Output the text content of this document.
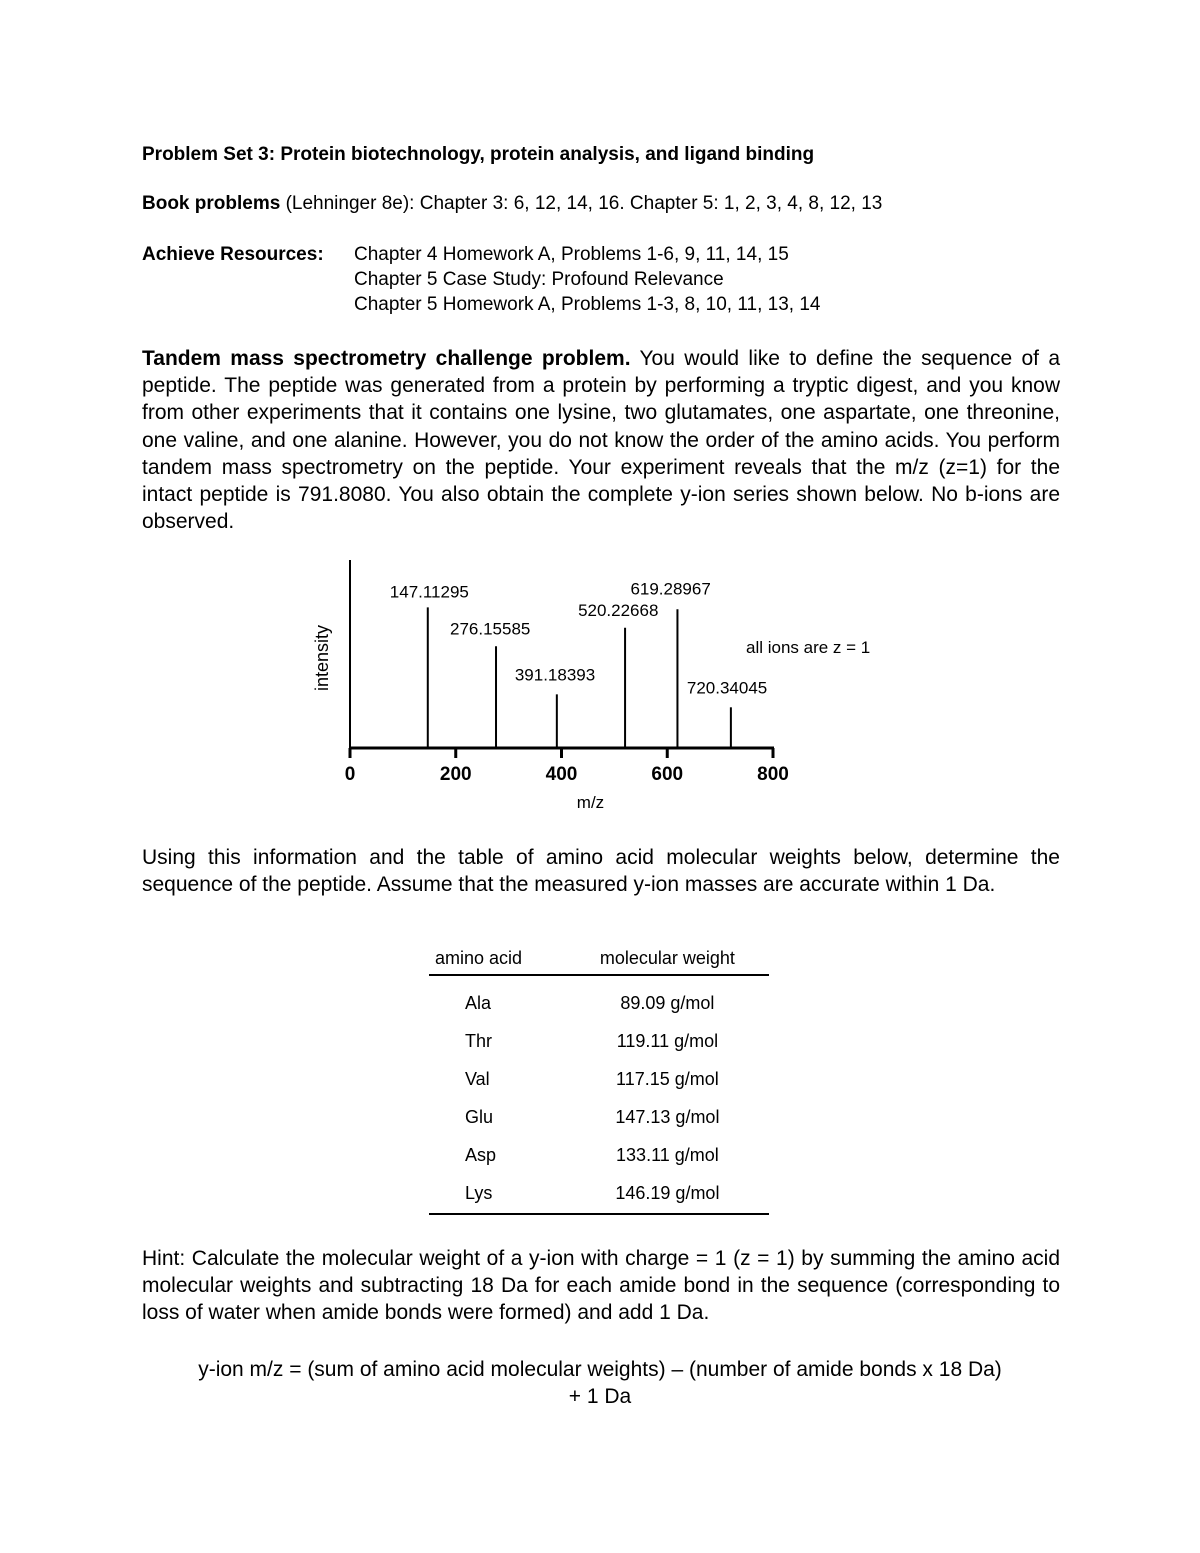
Problem Set 3: Protein biotechnology, protein analysis, and ligand binding
Book problems (Lehninger 8e): Chapter 3: 6, 12, 14, 16. Chapter 5: 1, 2, 3, 4, 8, 12, 13
Achieve Resources: Chapter 4 Homework A, Problems 1-6, 9, 11, 14, 15
Chapter 5 Case Study: Profound Relevance
Chapter 5 Homework A, Problems 1-3, 8, 10, 11, 13, 14
Tandem mass spectrometry challenge problem. You would like to define the sequence of a peptide. The peptide was generated from a protein by performing a tryptic digest, and you know from other experiments that it contains one lysine, two glutamates, one aspartate, one threonine, one valine, and one alanine. However, you do not know the order of the amino acids. You perform tandem mass spectrometry on the peptide. Your experiment reveals that the m/z (z=1) for the intact peptide is 791.8080. You also obtain the complete y-ion series shown below. No b-ions are observed.
0	200	400	600	800
m/z
intensity
147.11295
276.15585
391.18393
520.22668
619.28967
720.34045
all ions are z = 1
Using this information and the table of amino acid molecular weights below, determine the sequence of the peptide. Assume that the measured y-ion masses are accurate within 1 Da.
amino acid	molecular weight
Ala	89.09 g/mol
Thr	119.11 g/mol
Val	117.15 g/mol
Glu	147.13 g/mol
Asp	133.11 g/mol
Lys	146.19 g/mol
Hint: Calculate the molecular weight of a y-ion with charge = 1 (z = 1) by summing the amino acid molecular weights and subtracting 18 Da for each amide bond in the sequence (corresponding to loss of water when amide bonds were formed) and add 1 Da.
y-ion m/z = (sum of amino acid molecular weights) – (number of amide bonds x 18 Da)
+ 1 Da
